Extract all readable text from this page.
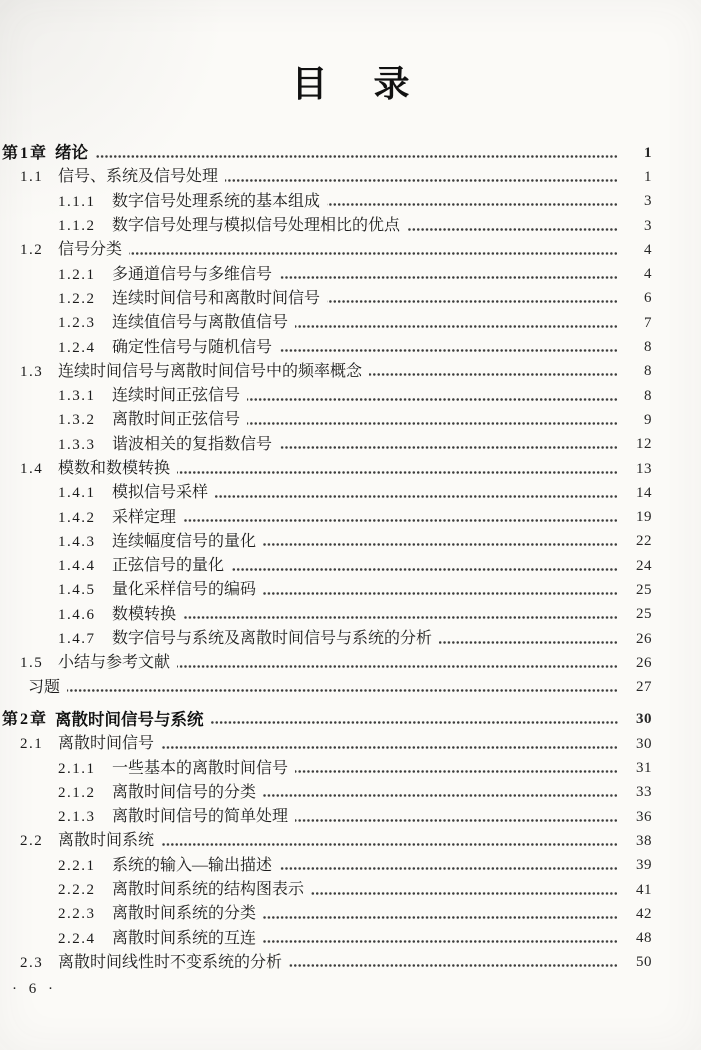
目录
第1章 绪论	1
1.1 信号、系统及信号处理	1
1.1.1	数字信号处理系统的基本组成	3
1.1.2	数字信号处理与模拟信号处理相比的优点	3
1.2 信号分类	4
1.2.1	多通道信号与多维信号	4
1.2.2	连续时间信号和离散时间信号	6
1.2.3	连续值信号与离散值信号	7
1.2.4	确定性信号与随机信号	8
1.3 连续时间信号与离散时间信号中的频率概念	8
1.3.1	连续时间正弦信号	8
1.3.2	离散时间正弦信号	9
1.3.3	谐波相关的复指数信号	12
1.4 模数和数模转换	13
1.4.1	模拟信号采样	14
1.4.2	采样定理	19
1.4.3	连续幅度信号的量化	22
1.4.4	正弦信号的量化	24
1.4.5	量化采样信号的编码	25
1.4.6	数模转换	25
1.4.7	数字信号与系统及离散时间信号与系统的分析	26
1.5 小结与参考文献	26
习题	27
第2章 离散时间信号与系统	30
2.1 离散时间信号	30
2.1.1	一些基本的离散时间信号	31
2.1.2	离散时间信号的分类	33
2.1.3	离散时间信号的简单处理	36
2.2 离散时间系统	38
2.2.1	系统的输入—输出描述	39
2.2.2	离散时间系统的结构图表示	41
2.2.3	离散时间系统的分类	42
2.2.4	离散时间系统的互连	48
2.3 离散时间线性时不变系统的分析	50
· 6 ·
